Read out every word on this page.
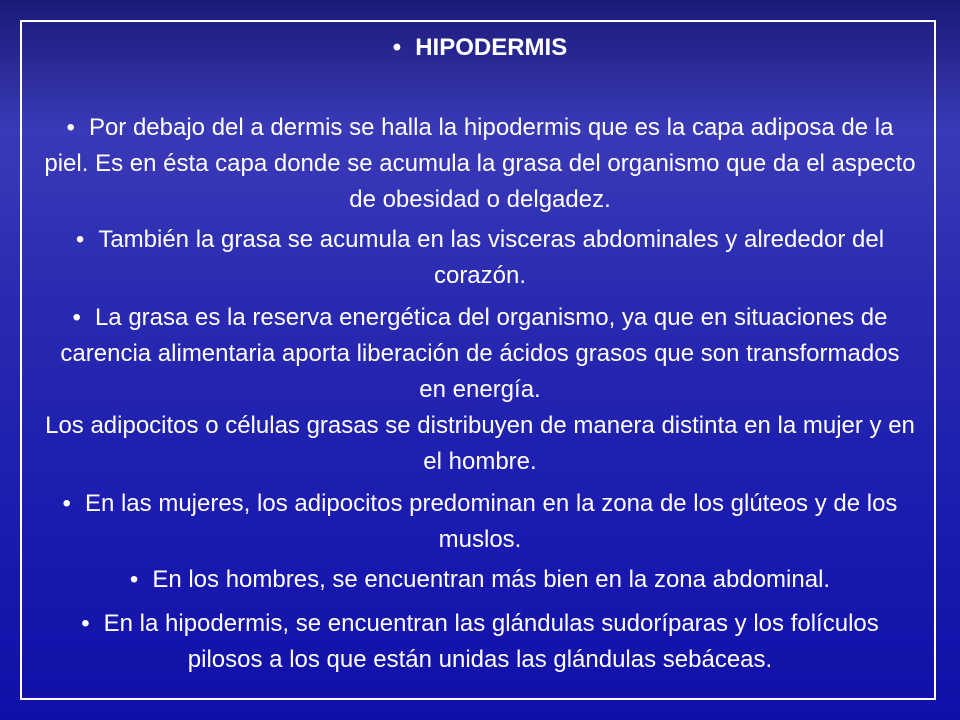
• HIPODERMIS
• Por debajo del a dermis se halla la hipodermis que es la capa adiposa de la piel. Es en ésta capa donde se acumula la grasa del organismo que da el aspecto de obesidad o delgadez.
• También la grasa se acumula en las visceras abdominales y alrededor del corazón.
• La grasa es la reserva energética del organismo, ya que en situaciones de carencia alimentaria aporta liberación de ácidos grasos que son transformados en energía.
Los adipocitos o células grasas se distribuyen de manera distinta en la mujer y en el hombre.
• En las mujeres, los adipocitos predominan en la zona de los glúteos y de los muslos.
• En los hombres, se encuentran más bien en la zona abdominal.
• En la hipodermis, se encuentran las glándulas sudoríparas y los folículos pilosos a los que están unidas las glándulas sebáceas.
